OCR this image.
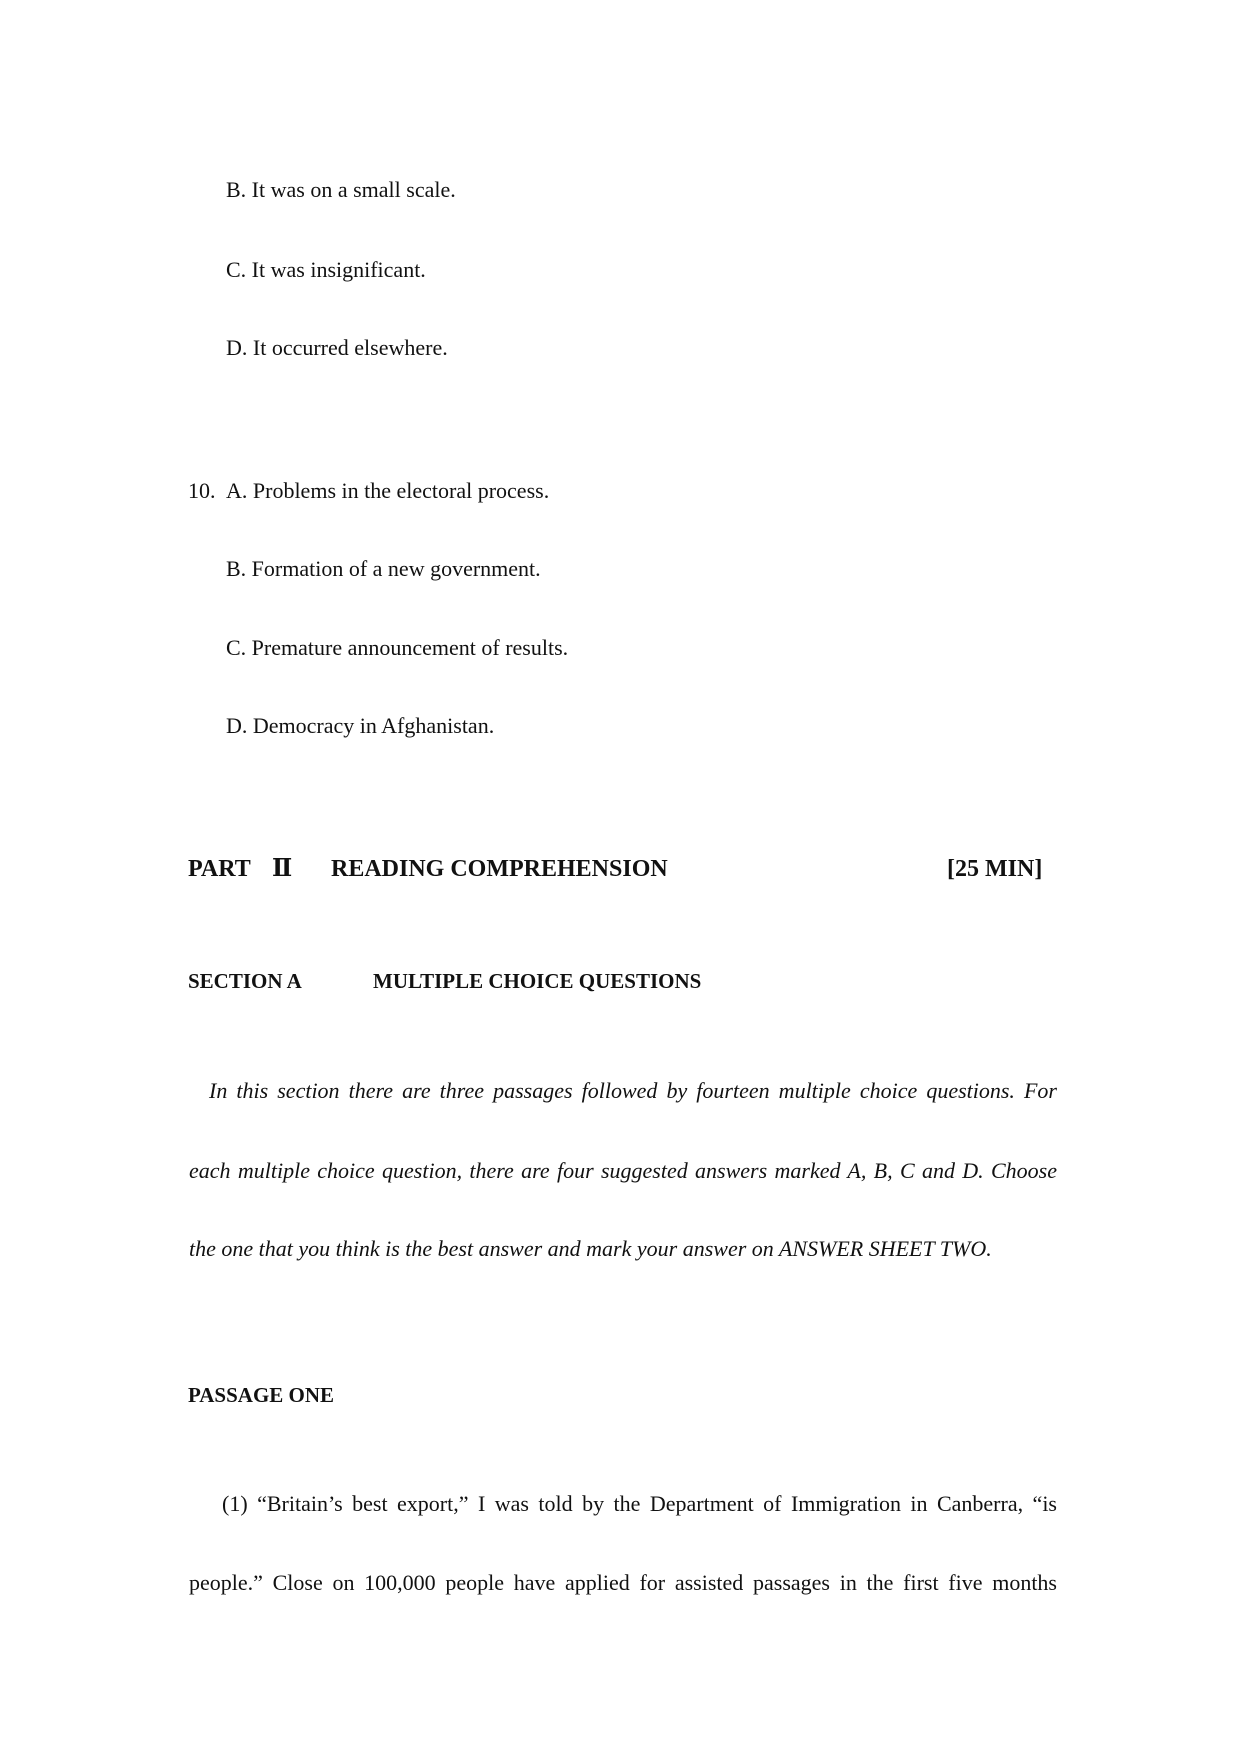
B. It was on a small scale.
C. It was insignificant.
D. It occurred elsewhere.
10. A. Problems in the electoral process.
B. Formation of a new government.
C. Premature announcement of results.
D. Democracy in Afghanistan.
PART Ⅱ READING COMPREHENSION	[25 MIN]
SECTION A	MULTIPLE CHOICE QUESTIONS
In this section there are three passages followed by fourteen multiple choice questions. For
each multiple choice question, there are four suggested answers marked A, B, C and D. Choose
the one that you think is the best answer and mark your answer on ANSWER SHEET TWO.
PASSAGE ONE
(1) “Britain’s best export,” I was told by the Department of Immigration in Canberra, “is
people.” Close on 100,000 people have applied for assisted passages in the first five months
